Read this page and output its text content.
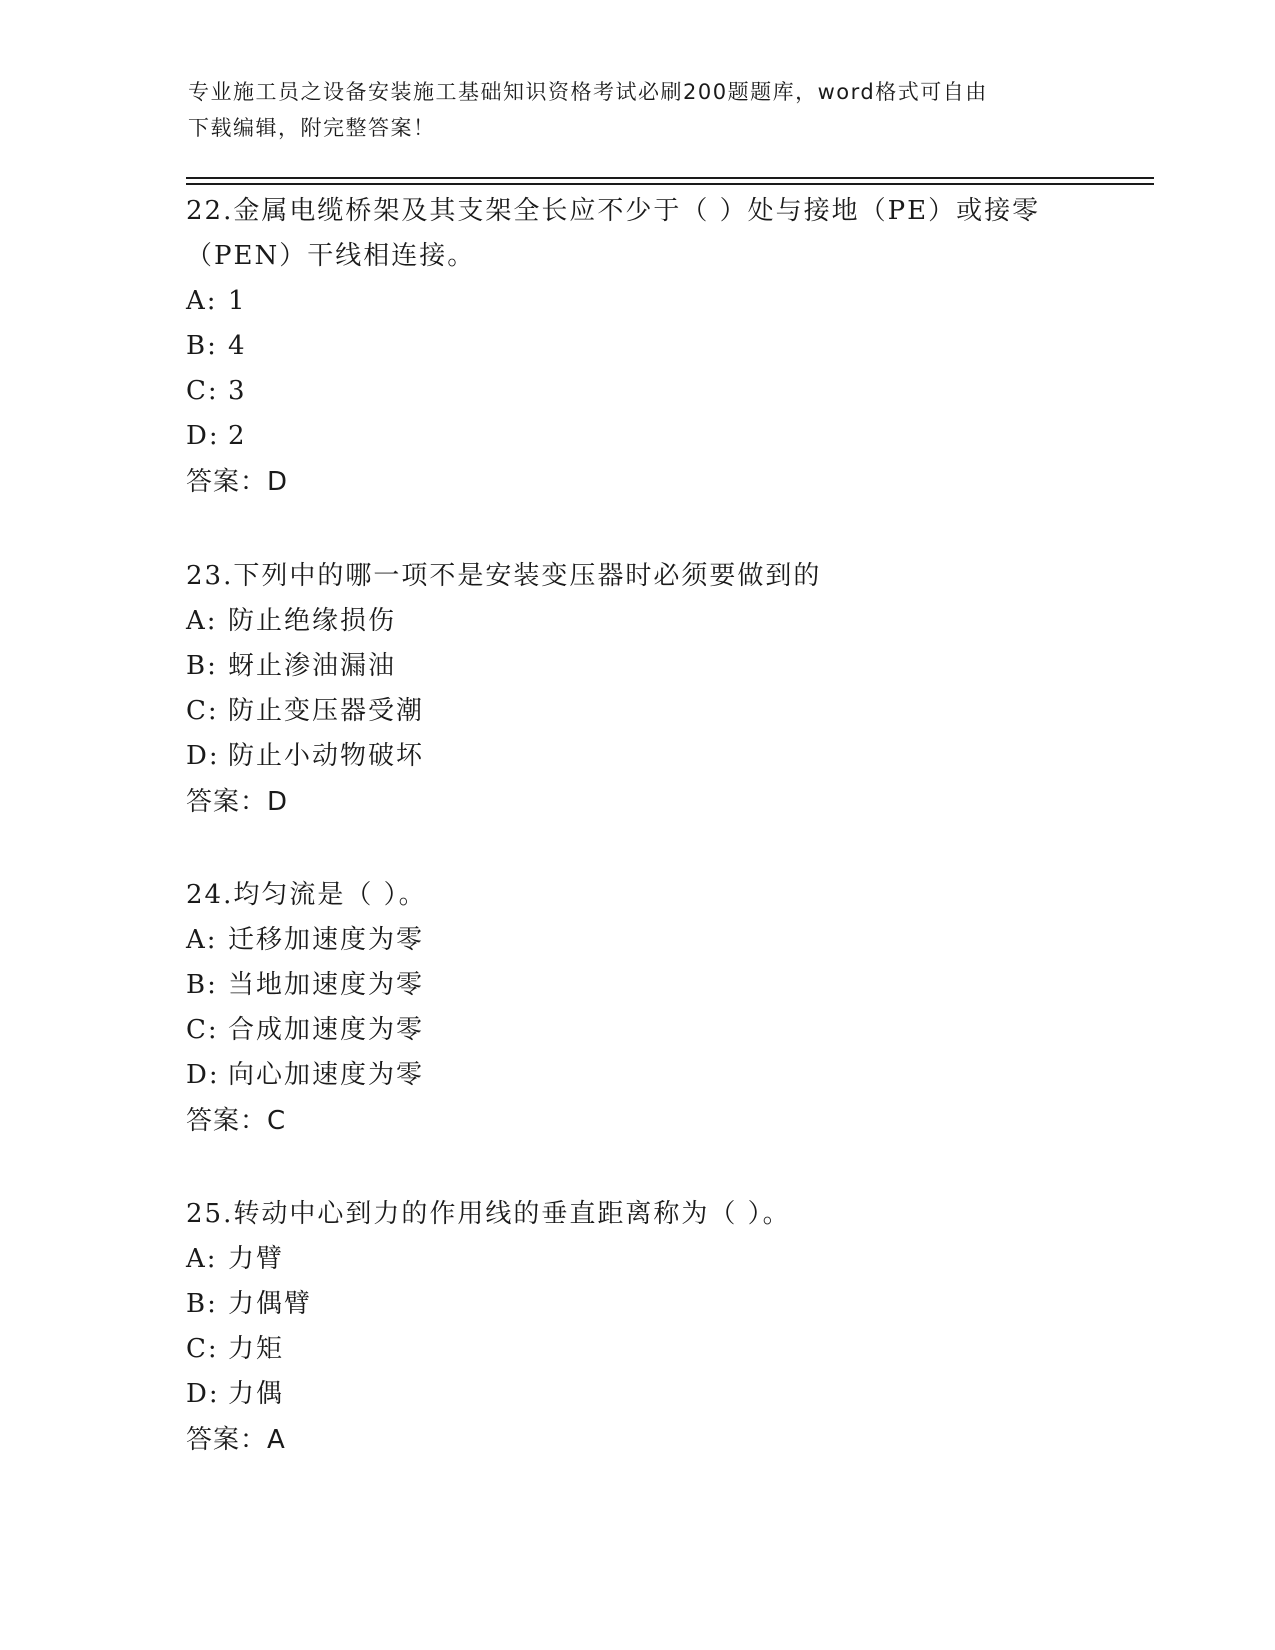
专业施工员之设备安装施工基础知识资格考试必刷200题题库，word格式可自由
下载编辑，附完整答案！

22.金属电缆桥架及其支架全长应不少于（ ）处与接地（PE）或接零

（PEN）干线相连接。

A: 1

B: 4

C: 3

D: 2

答案：D

23.下列中的哪一项不是安装变压器时必须要做到的

A: 防止绝缘损伤

B: 蚜止渗油漏油

C: 防止变压器受潮

D: 防止小动物破坏

答案：D

24.均匀流是（ ）。

A: 迁移加速度为零

B: 当地加速度为零

C: 合成加速度为零

D: 向心加速度为零

答案：C

25.转动中心到力的作用线的垂直距离称为（ ）。

A: 力臂

B: 力偶臂

C: 力矩

D: 力偶

答案：A
